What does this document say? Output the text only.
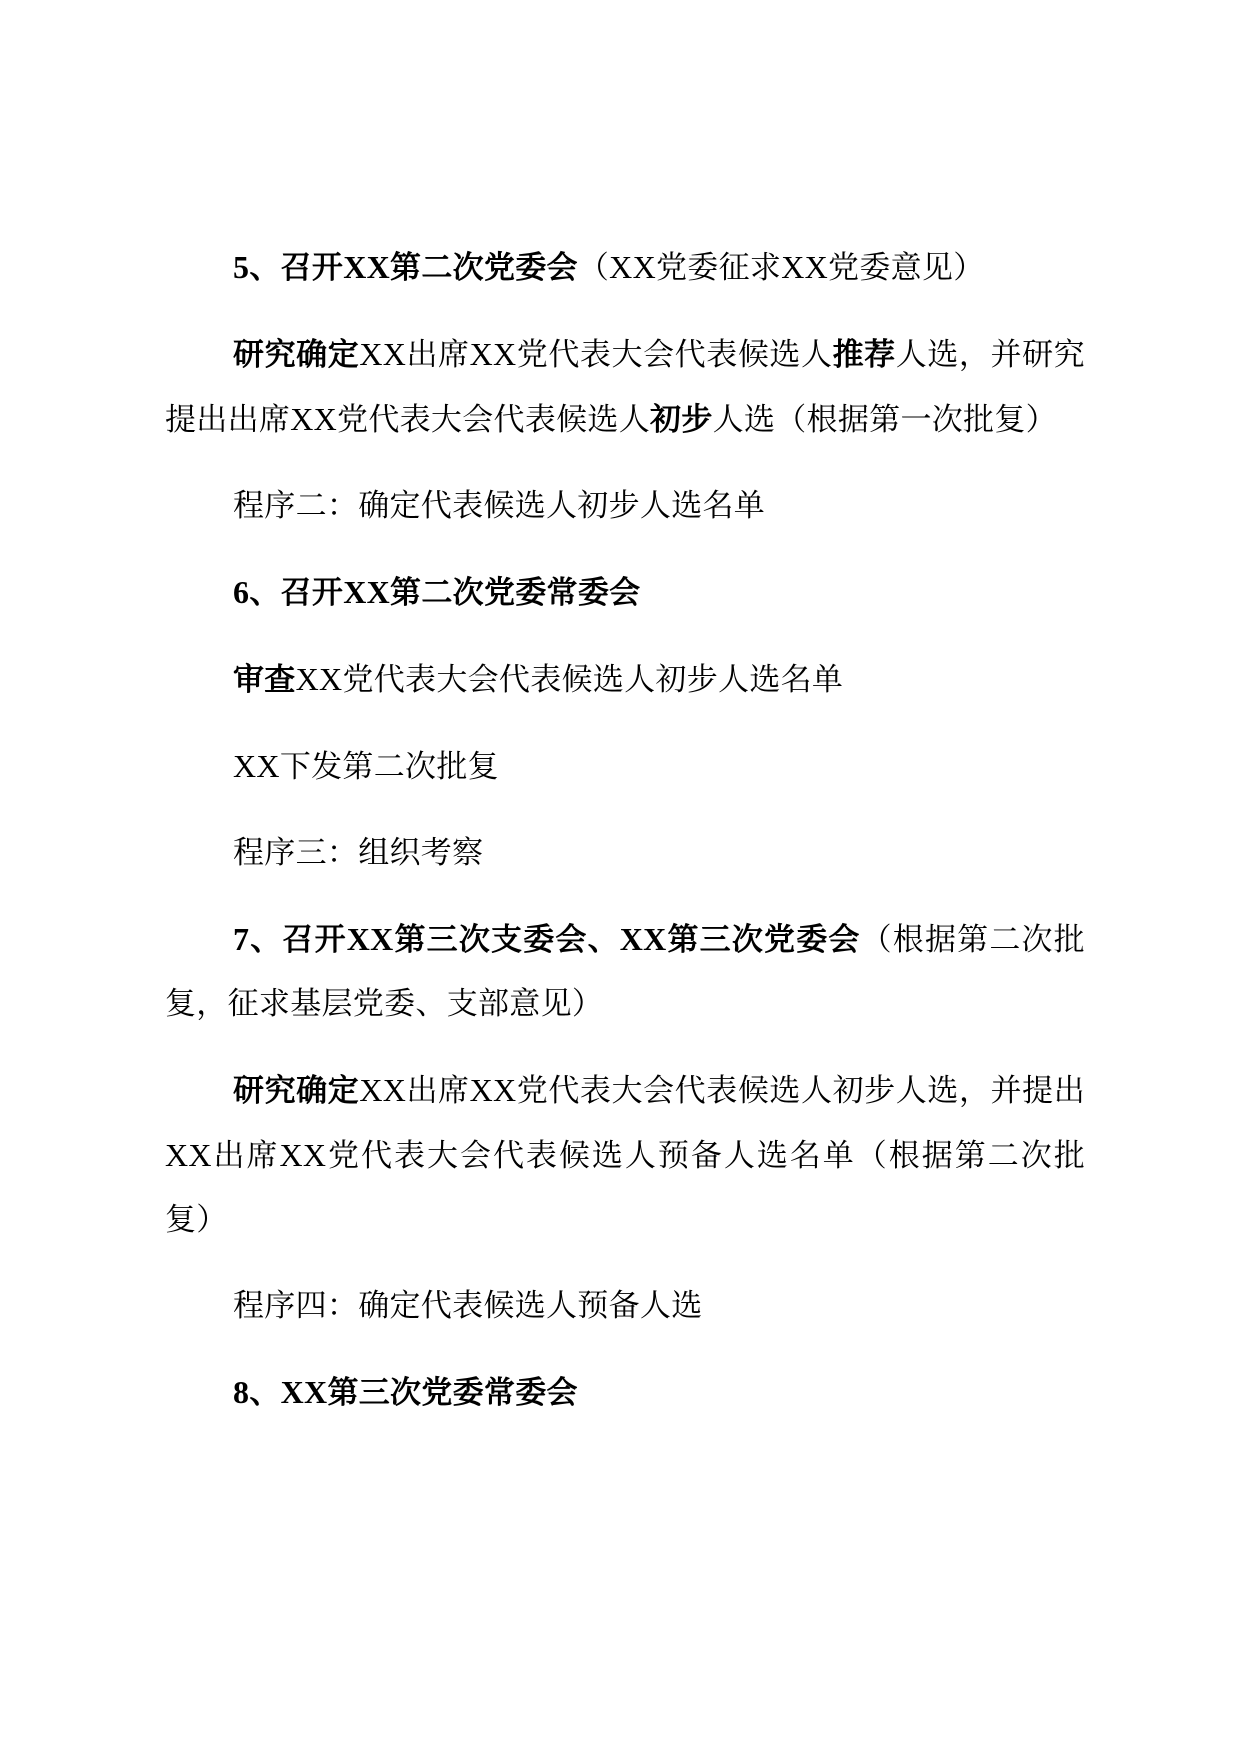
5、召开XX第二次党委会（XX党委征求XX党委意见）

研究确定XX出席XX党代表大会代表候选人推荐人选，并研究提出出席XX党代表大会代表候选人初步人选（根据第一次批复）

程序二：确定代表候选人初步人选名单

6、召开XX第二次党委常委会

审查XX党代表大会代表候选人初步人选名单

XX下发第二次批复

程序三：组织考察

7、召开XX第三次支委会、XX第三次党委会（根据第二次批复，征求基层党委、支部意见）

研究确定XX出席XX党代表大会代表候选人初步人选，并提出XX出席XX党代表大会代表候选人预备人选名单（根据第二次批复）

程序四：确定代表候选人预备人选

8、XX第三次党委常委会
